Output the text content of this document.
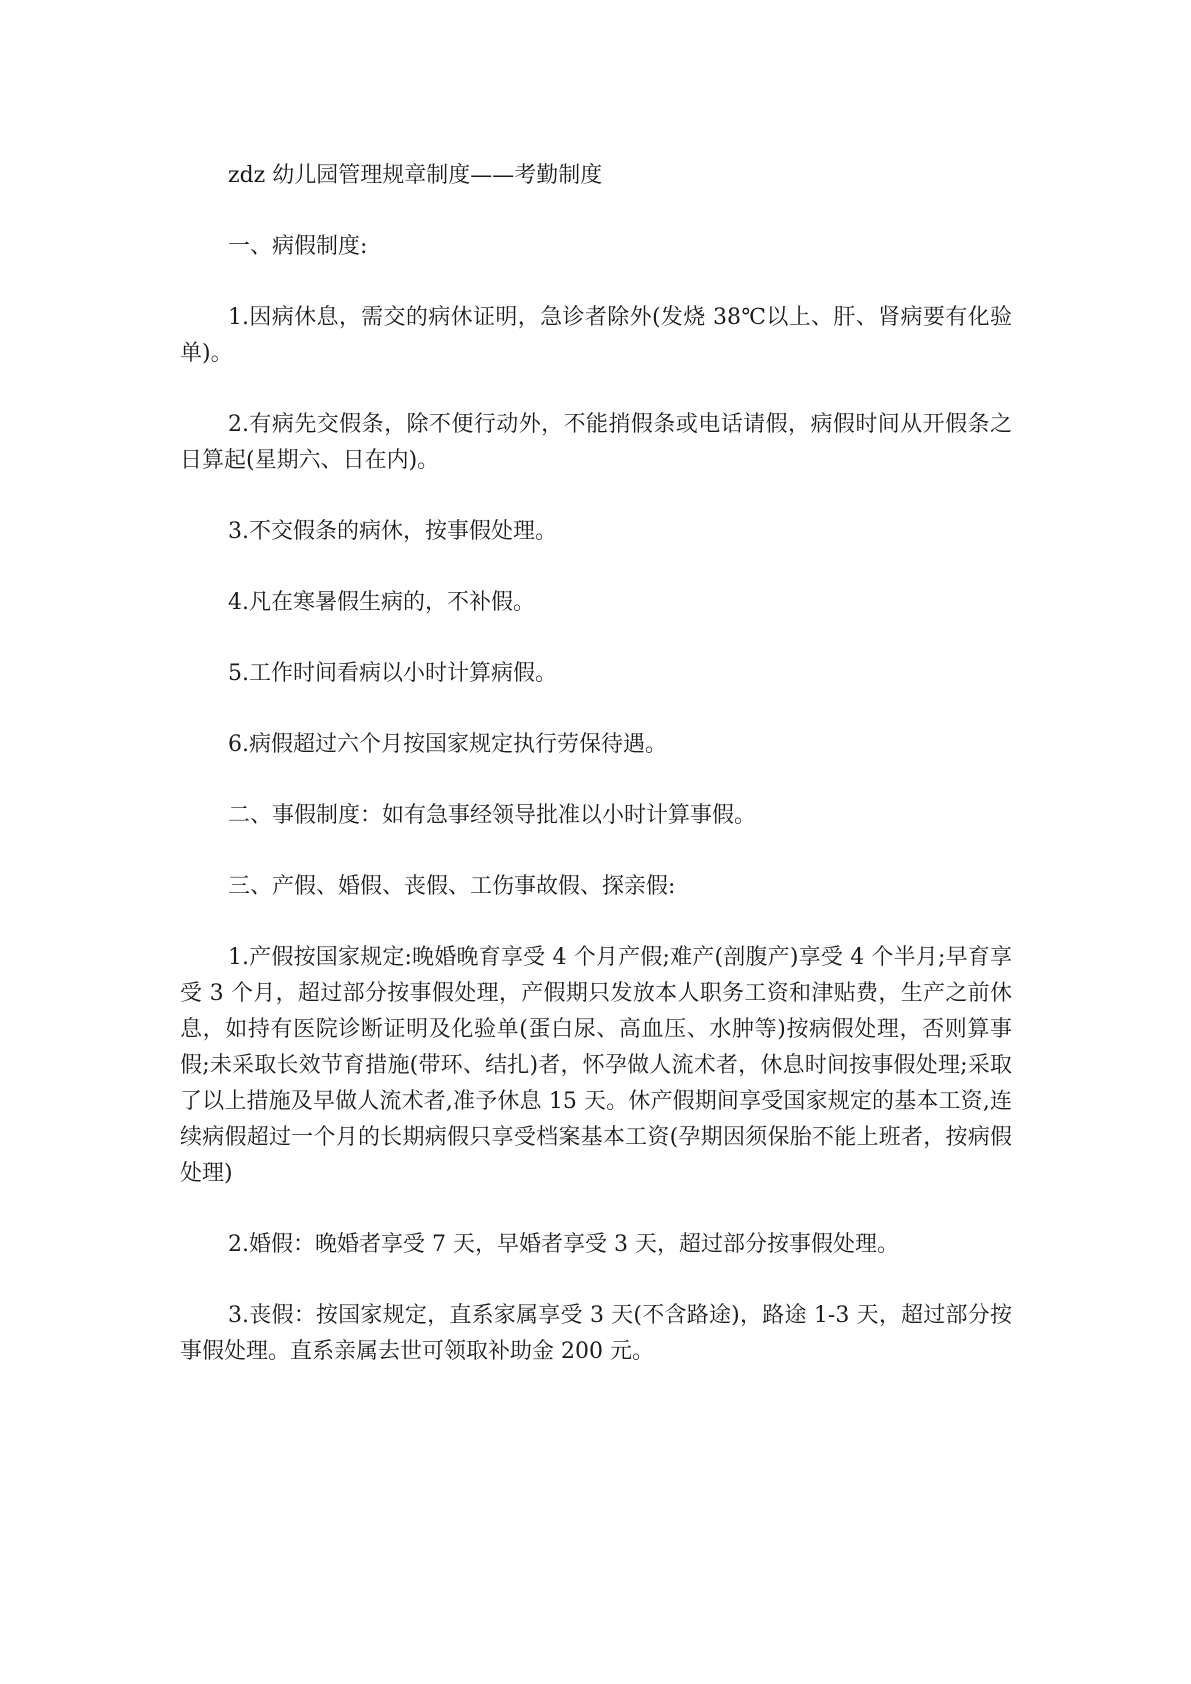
zdz 幼儿园管理规章制度——考勤制度

一、病假制度:

1.因病休息，需交的病休证明，急诊者除外(发烧 38℃以上、肝、肾病要有化验单)。

2.有病先交假条，除不便行动外，不能捎假条或电话请假，病假时间从开假条之日算起(星期六、日在内)。

3.不交假条的病休，按事假处理。

4.凡在寒暑假生病的，不补假。

5.工作时间看病以小时计算病假。

6.病假超过六个月按国家规定执行劳保待遇。

二、事假制度：如有急事经领导批准以小时计算事假。

三、产假、婚假、丧假、工伤事故假、探亲假:

1.产假按国家规定:晚婚晚育享受 4 个月产假;难产(剖腹产)享受 4 个半月;早育享受 3 个月，超过部分按事假处理，产假期只发放本人职务工资和津贴费，生产之前休息，如持有医院诊断证明及化验单(蛋白尿、高血压、水肿等)按病假处理，否则算事假;未采取长效节育措施(带环、结扎)者，怀孕做人流术者，休息时间按事假处理;采取了以上措施及早做人流术者,准予休息 15 天。休产假期间享受国家规定的基本工资,连续病假超过一个月的长期病假只享受档案基本工资(孕期因须保胎不能上班者，按病假处理)

2.婚假：晚婚者享受 7 天，早婚者享受 3 天，超过部分按事假处理。

3.丧假：按国家规定，直系家属享受 3 天(不含路途)，路途 1-3 天，超过部分按事假处理。直系亲属去世可领取补助金 200 元。
